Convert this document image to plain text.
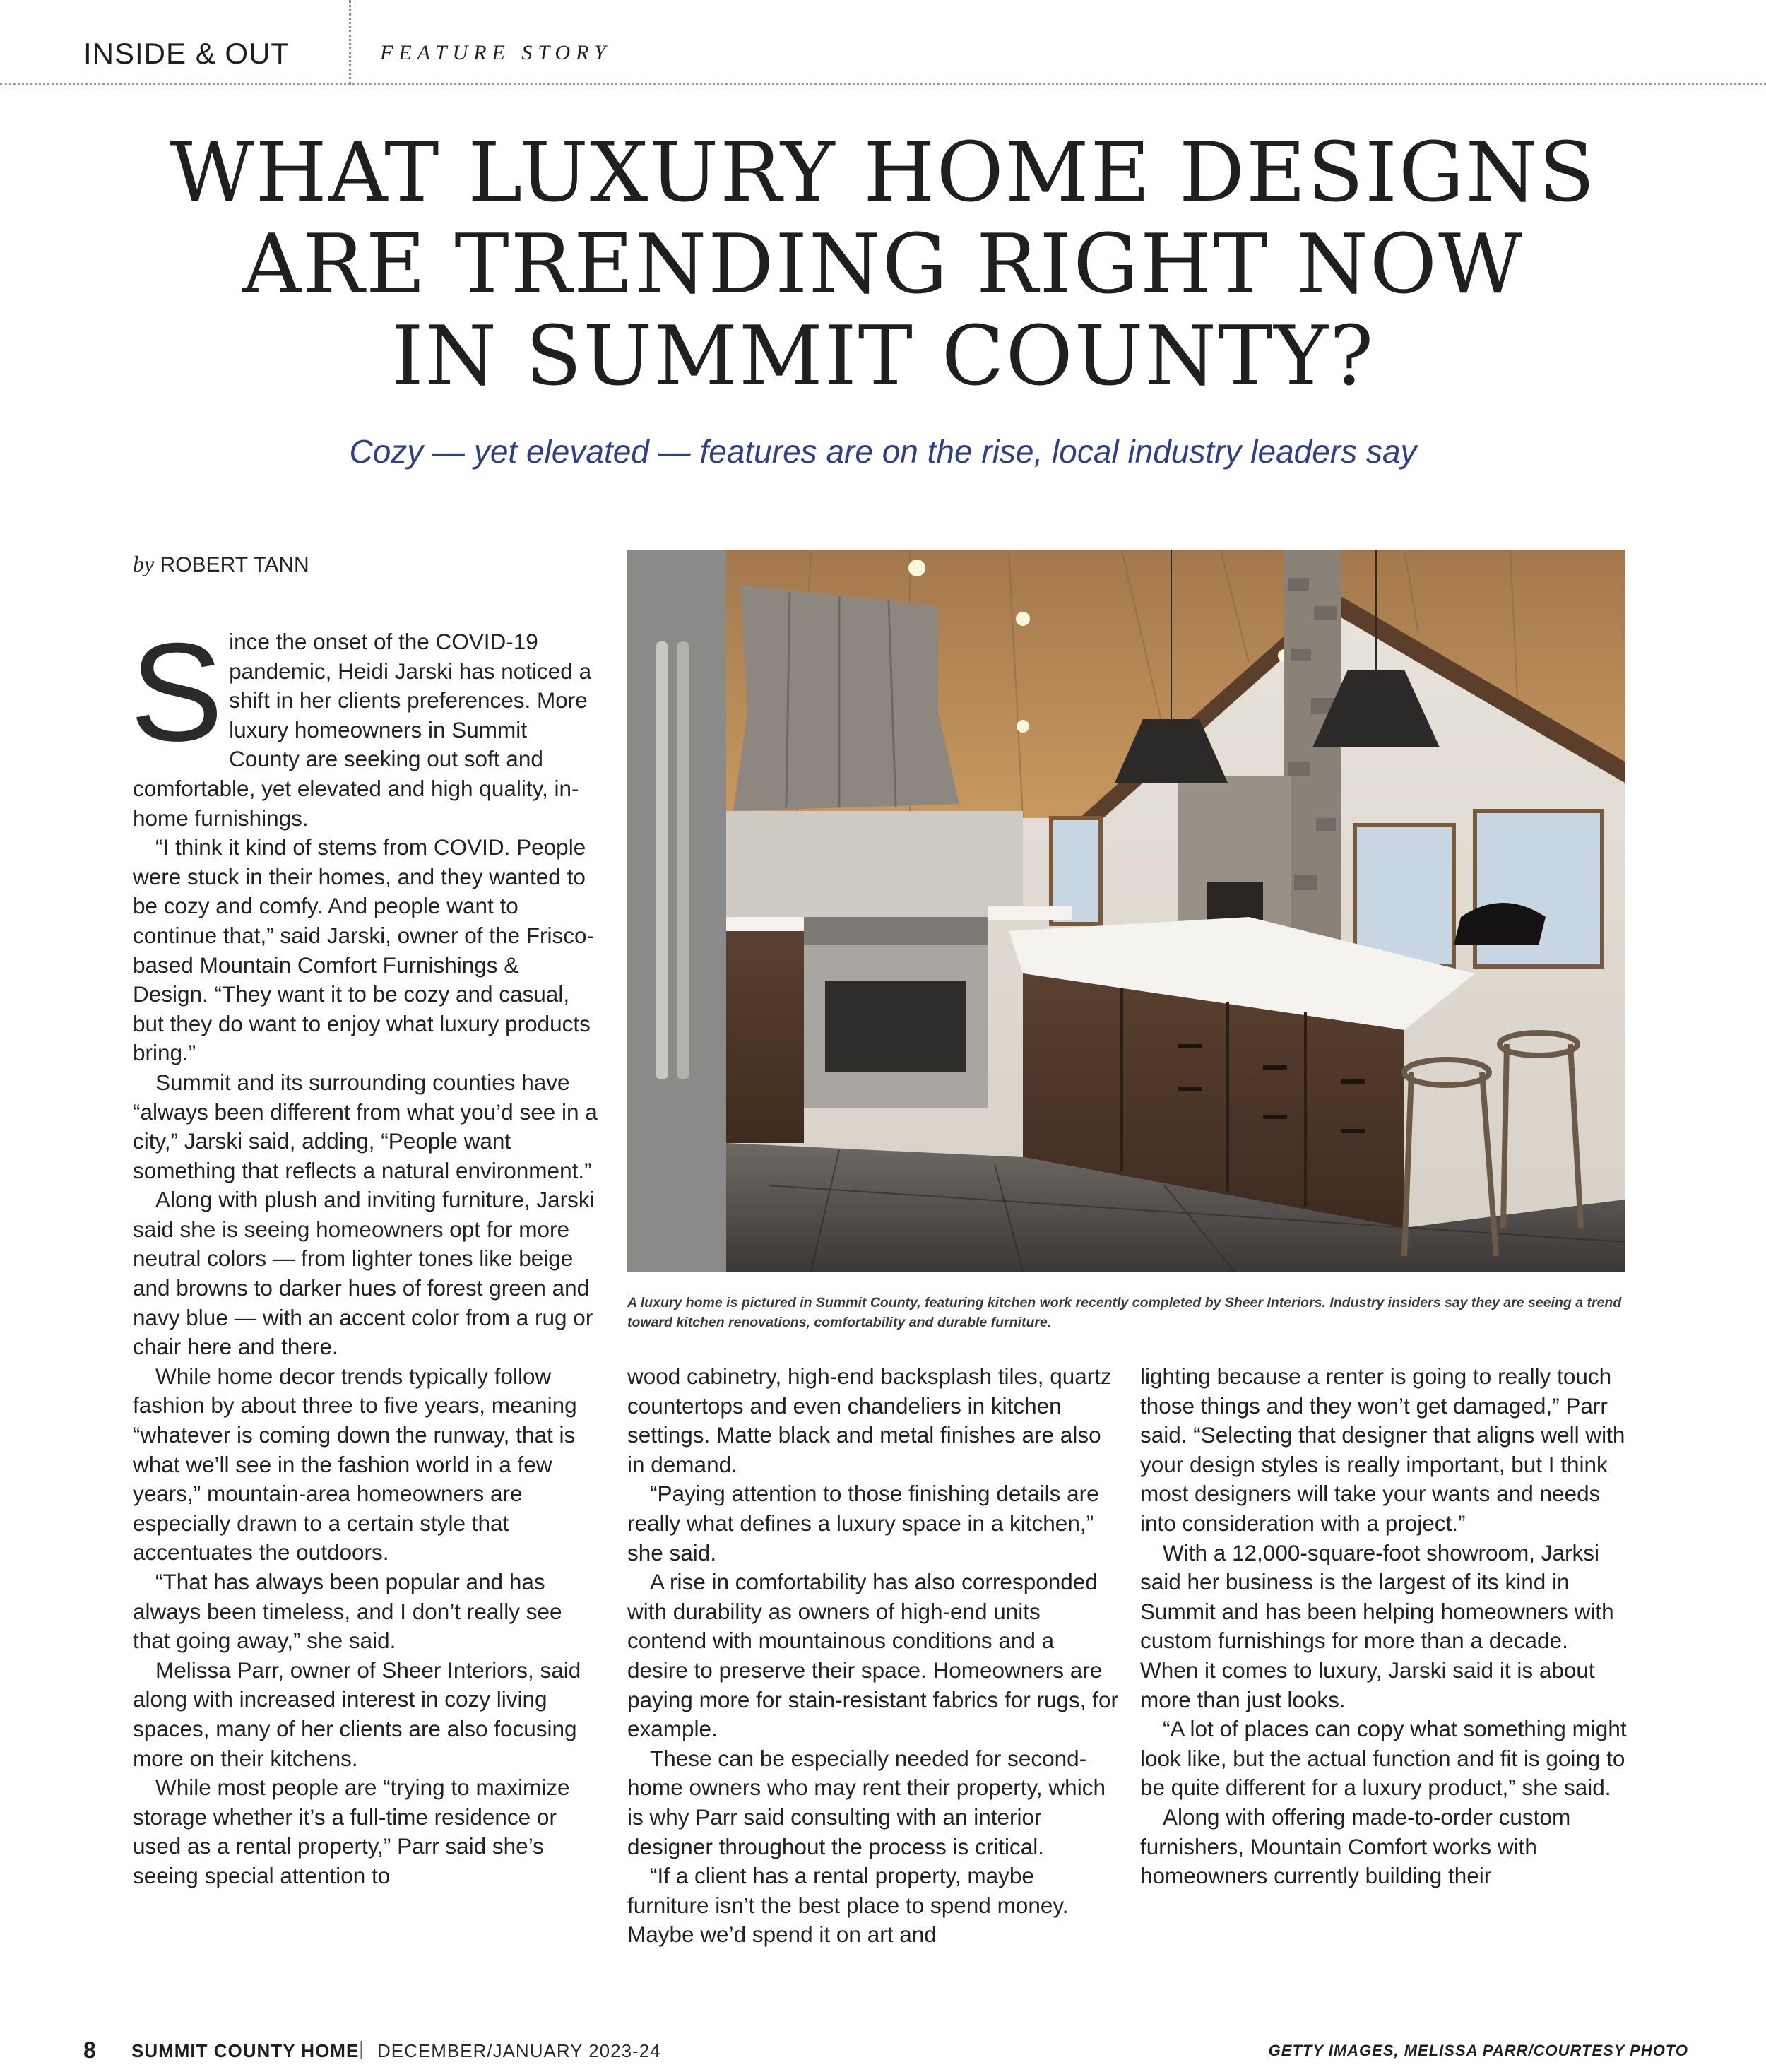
INSIDE & OUT	FEATURE STORY
WHAT LUXURY HOME DESIGNS
ARE TRENDING RIGHT NOW
IN SUMMIT COUNTY?

Cozy — yet elevated — features are on the rise, local industry leaders say

by ROBERT TANN
S ince the onset of the COVID-19 pandemic, Heidi Jarski has noticed a shift in her clients preferences. More luxury homeowners in Summit County are seeking out soft and comfortable, yet elevated and high quality, in-home furnishings.

“I think it kind of stems from COVID. People were stuck in their homes, and they wanted to be cozy and comfy. And people want to continue that,” said Jarski, owner of the Frisco-based Mountain Comfort Furnishings & Design. “They want it to be cozy and casual, but they do want to enjoy what luxury products bring.”

Summit and its surrounding counties have “always been different from what you’d see in a city,” Jarski said, adding, “People want something that reflects a natural environment.”

Along with plush and inviting furniture, Jarski said she is seeing homeowners opt for more neutral colors — from lighter tones like beige and browns to darker hues of forest green and navy blue — with an accent color from a rug or chair here and there.

While home decor trends typically follow fashion by about three to five years, meaning “whatever is coming down the runway, that is what we’ll see in the fashion world in a few years,” mountain-area homeowners are especially drawn to a certain style that accentuates the outdoors.

“That has always been popular and has always been timeless, and I don’t really see that going away,” she said.

Melissa Parr, owner of Sheer Interiors, said along with increased interest in cozy living spaces, many of her clients are also focusing more on their kitchens.

While most people are “trying to maximize storage whether it’s a full-time residence or used as a rental property,” Parr said she’s seeing special attention to

A luxury home is pictured in Summit County, featuring kitchen work recently completed by Sheer Interiors. Industry insiders say they are seeing a trend toward kitchen renovations, comfortability and durable furniture.

wood cabinetry, high-end backsplash tiles, quartz countertops and even chandeliers in kitchen settings. Matte black and metal finishes are also in demand.

“Paying attention to those finishing details are really what defines a luxury space in a kitchen,” she said.

A rise in comfortability has also corresponded with durability as owners of high-end units contend with mountainous conditions and a desire to preserve their space. Homeowners are paying more for stain-resistant fabrics for rugs, for example.

These can be especially needed for second-home owners who may rent their property, which is why Parr said consulting with an interior designer throughout the process is critical.

“If a client has a rental property, maybe furniture isn’t the best place to spend money. Maybe we’d spend it on art and

lighting because a renter is going to really touch those things and they won’t get damaged,” Parr said. “Selecting that designer that aligns well with your design styles is really important, but I think most designers will take your wants and needs into consideration with a project.”

With a 12,000-square-foot showroom, Jarksi said her business is the largest of its kind in Summit and has been helping homeowners with custom furnishings for more than a decade. When it comes to luxury, Jarski said it is about more than just looks.

“A lot of places can copy what something might look like, but the actual function and fit is going to be quite different for a luxury product,” she said.

Along with offering made-to-order custom furnishers, Mountain Comfort works with homeowners currently building their

8 SUMMIT COUNTY HOME | DECEMBER/JANUARY 2023-24	GETTY IMAGES, MELISSA PARR/COURTESY PHOTO
